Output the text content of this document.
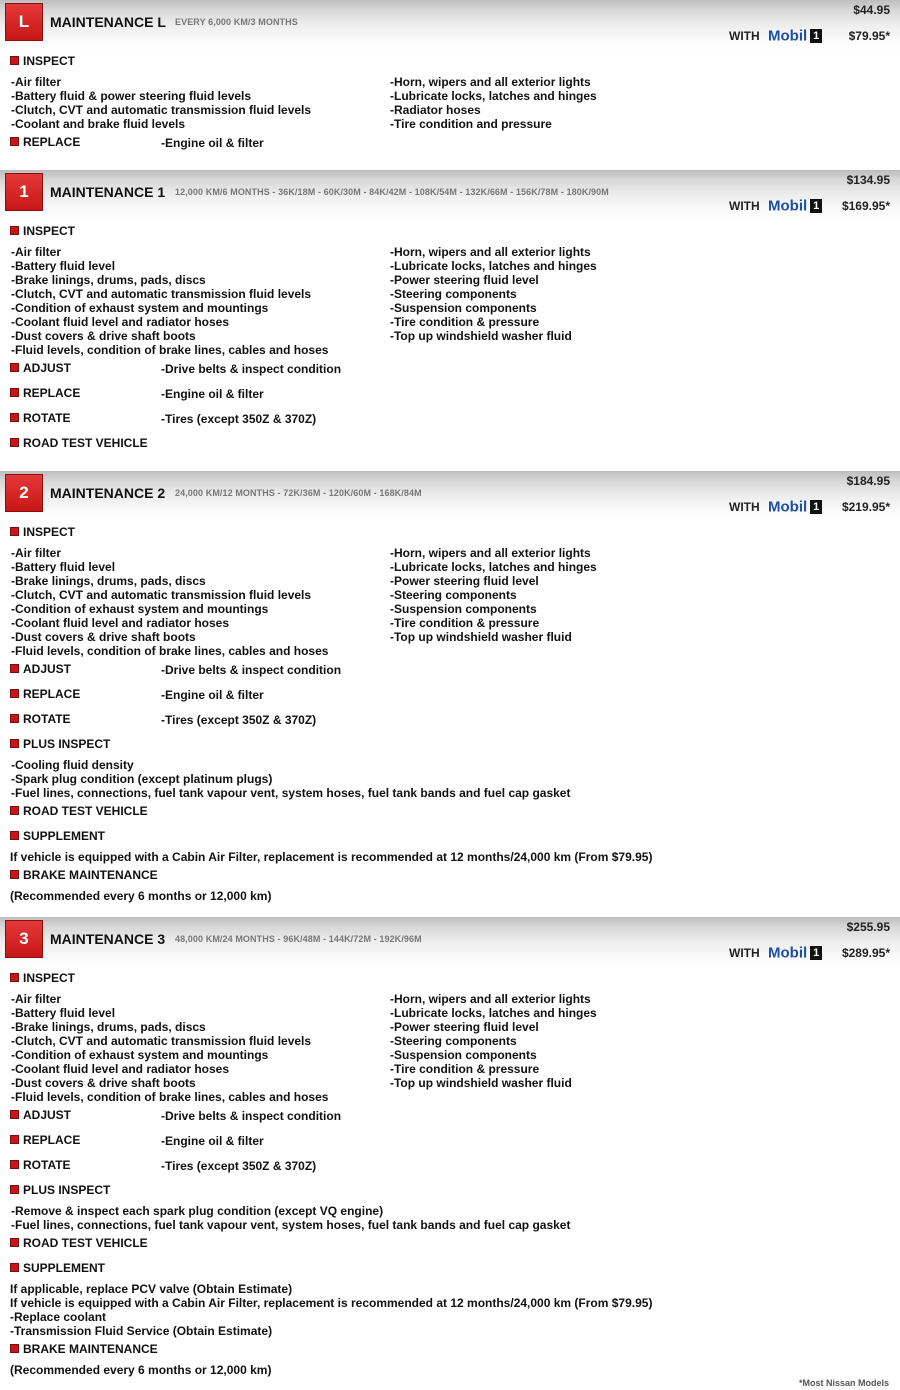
L	MAINTENANCE L EVERY 6,000 KM/3 MONTHS
$44.95
WITH Mobil 1 $79.95*
INSPECT
-Air filter
-Battery fluid & power steering fluid levels
-Clutch, CVT and automatic transmission fluid levels
-Coolant and brake fluid levels
-Horn, wipers and all exterior lights
-Lubricate locks, latches and hinges
-Radiator hoses
-Tire condition and pressure
REPLACE	-Engine oil & filter
1	MAINTENANCE 1 12,000 KM/6 MONTHS - 36K/18M - 60K/30M - 84K/42M - 108K/54M - 132K/66M - 156K/78M - 180K/90M
$134.95
WITH Mobil 1 $169.95*
INSPECT
-Air filter
-Battery fluid level
-Brake linings, drums, pads, discs
-Clutch, CVT and automatic transmission fluid levels
-Condition of exhaust system and mountings
-Coolant fluid level and radiator hoses
-Dust covers & drive shaft boots
-Fluid levels, condition of brake lines, cables and hoses
-Horn, wipers and all exterior lights
-Lubricate locks, latches and hinges
-Power steering fluid level
-Steering components
-Suspension components
-Tire condition & pressure
-Top up windshield washer fluid
ADJUST	-Drive belts & inspect condition
REPLACE	-Engine oil & filter
ROTATE	-Tires (except 350Z & 370Z)
ROAD TEST VEHICLE
2	MAINTENANCE 2 24,000 KM/12 MONTHS - 72K/36M - 120K/60M - 168K/84M
$184.95
WITH Mobil 1 $219.95*
INSPECT
-Air filter
-Battery fluid level
-Brake linings, drums, pads, discs
-Clutch, CVT and automatic transmission fluid levels
-Condition of exhaust system and mountings
-Coolant fluid level and radiator hoses
-Dust covers & drive shaft boots
-Fluid levels, condition of brake lines, cables and hoses
-Horn, wipers and all exterior lights
-Lubricate locks, latches and hinges
-Power steering fluid level
-Steering components
-Suspension components
-Tire condition & pressure
-Top up windshield washer fluid
ADJUST	-Drive belts & inspect condition
REPLACE	-Engine oil & filter
ROTATE	-Tires (except 350Z & 370Z)
PLUS INSPECT
-Cooling fluid density
-Spark plug condition (except platinum plugs)
-Fuel lines, connections, fuel tank vapour vent, system hoses, fuel tank bands and fuel cap gasket
ROAD TEST VEHICLE
SUPPLEMENT
If vehicle is equipped with a Cabin Air Filter, replacement is recommended at 12 months/24,000 km (From $79.95)
BRAKE MAINTENANCE
(Recommended every 6 months or 12,000 km)
3	MAINTENANCE 3 48,000 KM/24 MONTHS - 96K/48M - 144K/72M - 192K/96M
$255.95
WITH Mobil 1 $289.95*
INSPECT
-Air filter
-Battery fluid level
-Brake linings, drums, pads, discs
-Clutch, CVT and automatic transmission fluid levels
-Condition of exhaust system and mountings
-Coolant fluid level and radiator hoses
-Dust covers & drive shaft boots
-Fluid levels, condition of brake lines, cables and hoses
-Horn, wipers and all exterior lights
-Lubricate locks, latches and hinges
-Power steering fluid level
-Steering components
-Suspension components
-Tire condition & pressure
-Top up windshield washer fluid
ADJUST	-Drive belts & inspect condition
REPLACE	-Engine oil & filter
ROTATE	-Tires (except 350Z & 370Z)
PLUS INSPECT
-Remove & inspect each spark plug condition (except VQ engine)
-Fuel lines, connections, fuel tank vapour vent, system hoses, fuel tank bands and fuel cap gasket
ROAD TEST VEHICLE
SUPPLEMENT
If applicable, replace PCV valve (Obtain Estimate)
If vehicle is equipped with a Cabin Air Filter, replacement is recommended at 12 months/24,000 km (From $79.95)
-Replace coolant
-Transmission Fluid Service (Obtain Estimate)
BRAKE MAINTENANCE
(Recommended every 6 months or 12,000 km)
*Most Nissan Models
